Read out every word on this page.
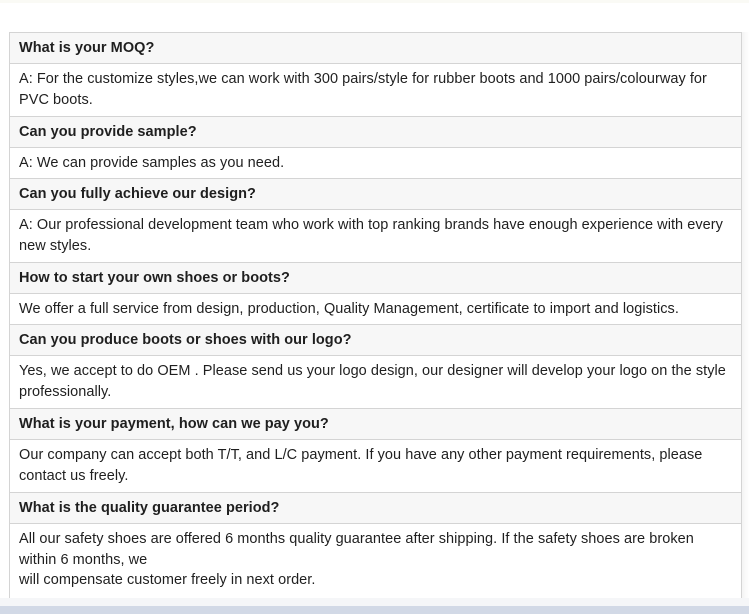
What is your MOQ?
A: For the customize styles,we can work with 300 pairs/style for rubber boots and 1000 pairs/colourway for PVC boots.
Can you provide sample?
A: We can provide samples as you need.
Can you fully achieve our design?
A: Our professional development team who work with top ranking brands have enough experience with every new styles.
How to start your own shoes or boots?
We offer a full service from design, production, Quality Management, certificate to import and logistics.
Can you produce boots or shoes with our logo?
Yes, we accept to do OEM . Please send us your logo design, our designer will develop your logo on the style professionally.
What is your payment, how can we pay you?
Our company can accept both T/T, and L/C payment. If you have any other payment requirements, please contact us freely.
What is the quality guarantee period?

All our safety shoes are offered 6 months quality guarantee after shipping. If the safety shoes are broken within 6 months, we
will compensate customer freely in next order.
